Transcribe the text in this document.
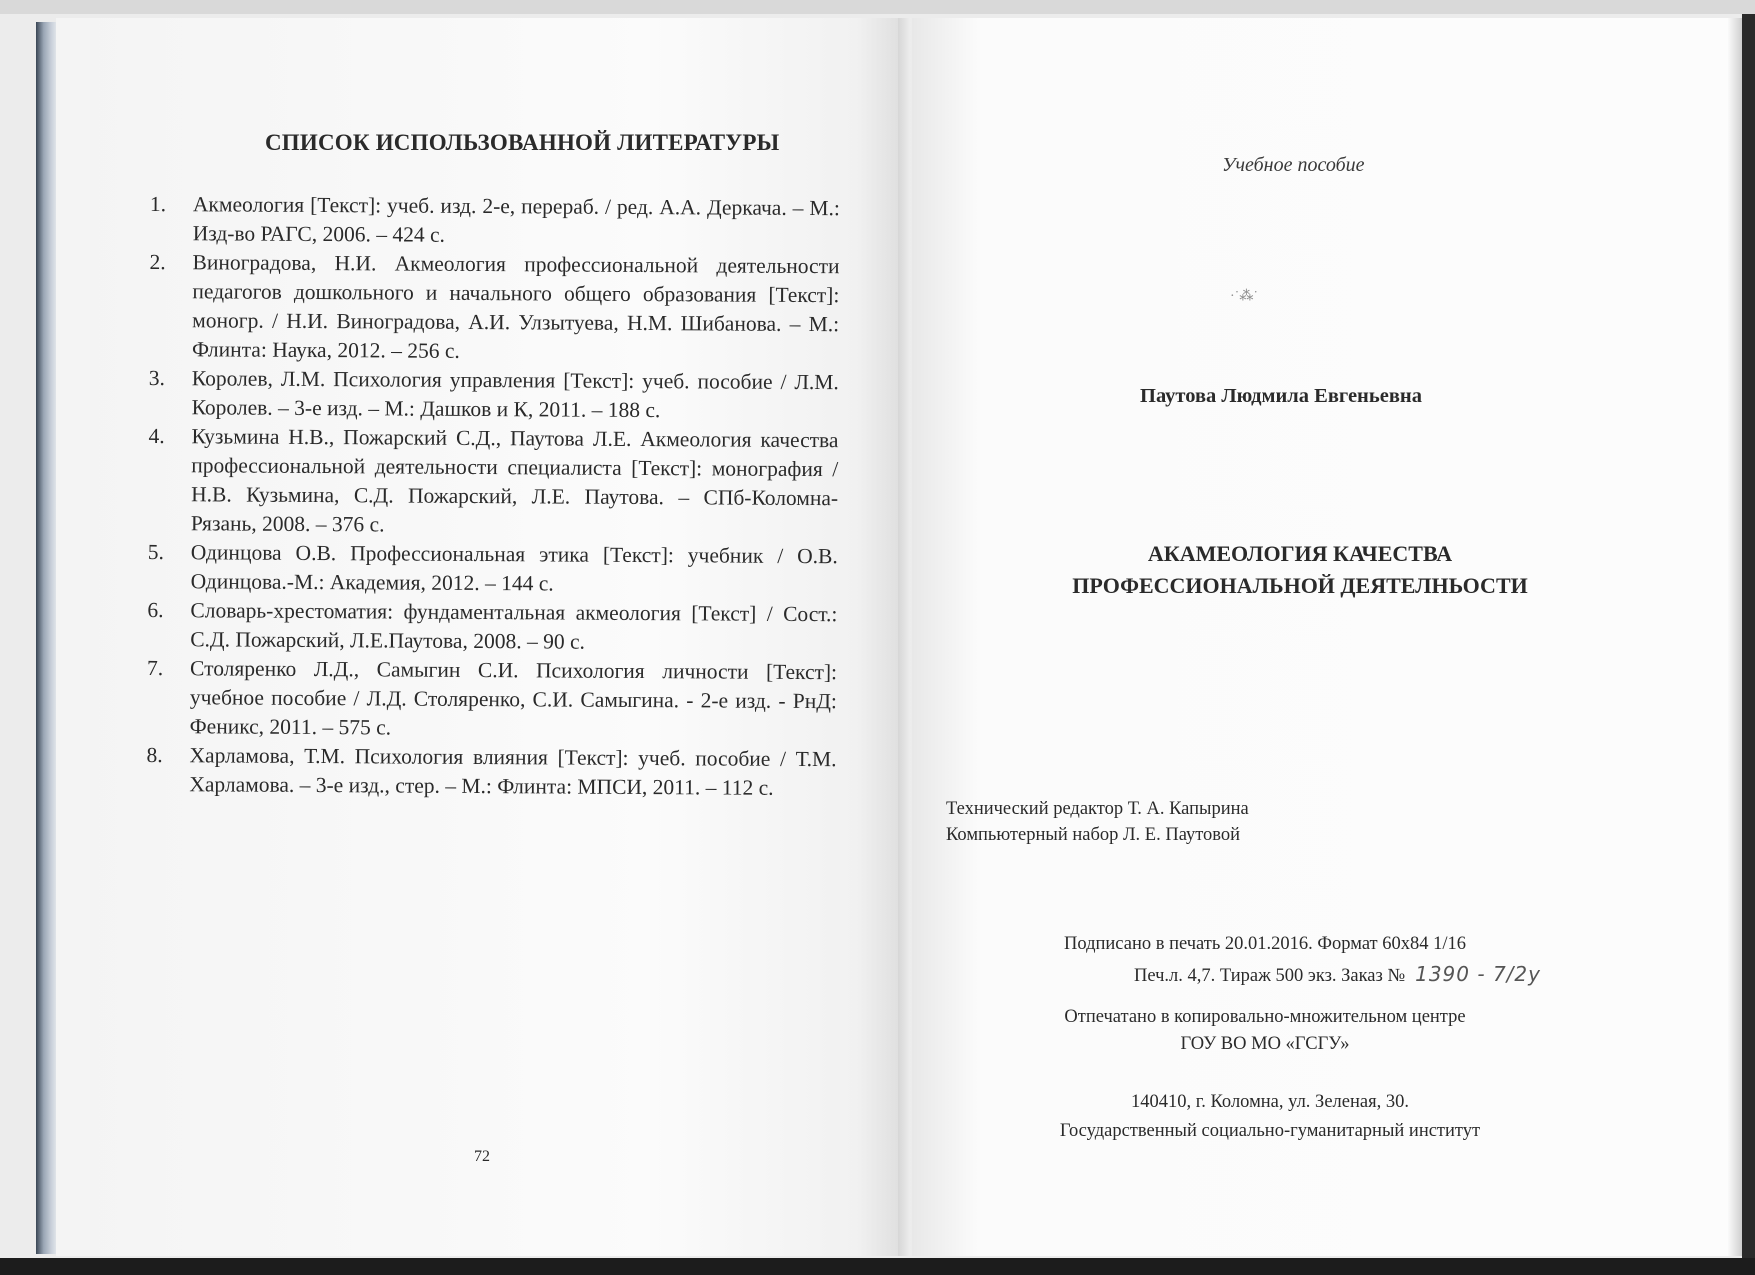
СПИСОК ИСПОЛЬЗОВАННОЙ ЛИТЕРАТУРЫ
1. Акмеология [Текст]: учеб. изд. 2-е, перераб. / ред. А.А. Деркача. – М.: Изд-во РАГС, 2006. – 424 с.
2. Виноградова, Н.И. Акмеология профессиональной деятельности педагогов дошкольного и начального общего образования [Текст]: моногр. / Н.И. Виноградова, А.И. Улзытуева, Н.М. Шибанова. – М.: Флинта: Наука, 2012. – 256 с.
3. Королев, Л.М. Психология управления [Текст]: учеб. пособие / Л.М. Королев. – 3-е изд. – М.: Дашков и К, 2011. – 188 с.
4. Кузьмина Н.В., Пожарский С.Д., Паутова Л.Е. Акмеология качества профессиональной деятельности специалиста [Текст]: монография / Н.В. Кузьмина, С.Д. Пожарский, Л.Е. Паутова. – СПб-Коломна-Рязань, 2008. – 376 с.
5. Одинцова О.В. Профессиональная этика [Текст]: учебник / О.В. Одинцова.-М.: Академия, 2012. – 144 с.
6. Словарь-хрестоматия: фундаментальная акмеология [Текст] / Сост.: С.Д. Пожарский, Л.Е.Паутова, 2008. – 90 с.
7. Столяренко Л.Д., Самыгин С.И. Психология личности [Текст]: учебное пособие / Л.Д. Столяренко, С.И. Самыгина. - 2-е изд. - РнД: Феникс, 2011. – 575 с.
8. Харламова, Т.М. Психология влияния [Текст]: учеб. пособие / Т.М. Харламова. – 3-е изд., стер. – М.: Флинта: МПСИ, 2011. – 112 с.
72
Учебное пособие
·˙⁂˙
Паутова Людмила Евгеньевна
АКАМЕОЛОГИЯ КАЧЕСТВА
ПРОФЕССИОНАЛЬНОЙ ДЕЯТЕЛНЬОСТИ
Технический редактор Т. А. Капырина
Компьютерный набор Л. Е. Паутовой
Подписано в печать 20.01.2016. Формат 60х84 1/16
Печ.л. 4,7. Тираж 500 экз. Заказ № 1390 - 7/2у
Отпечатано в копировально-множительном центре
ГОУ ВО МО «ГСГУ»
140410, г. Коломна, ул. Зеленая, 30.
Государственный социально-гуманитарный институт
